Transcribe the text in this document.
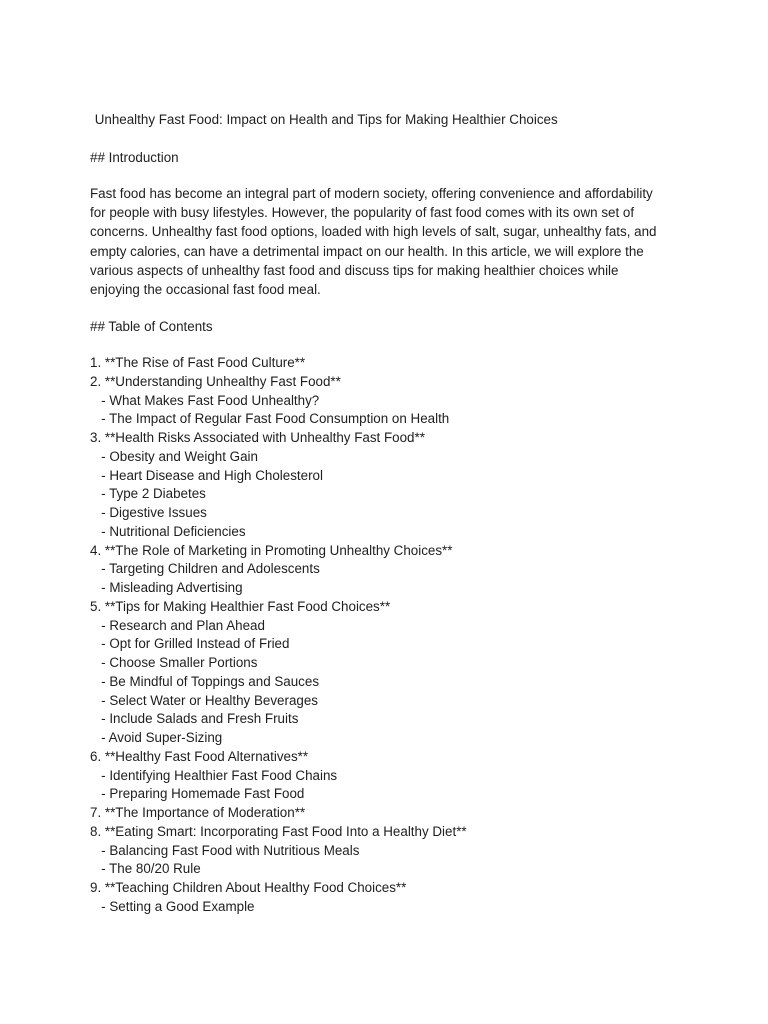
Unhealthy Fast Food: Impact on Health and Tips for Making Healthier Choices
## Introduction
Fast food has become an integral part of modern society, offering convenience and affordability
for people with busy lifestyles. However, the popularity of fast food comes with its own set of
concerns. Unhealthy fast food options, loaded with high levels of salt, sugar, unhealthy fats, and
empty calories, can have a detrimental impact on our health. In this article, we will explore the
various aspects of unhealthy fast food and discuss tips for making healthier choices while
enjoying the occasional fast food meal.
## Table of Contents
1. **The Rise of Fast Food Culture**
2. **Understanding Unhealthy Fast Food**
- What Makes Fast Food Unhealthy?
- The Impact of Regular Fast Food Consumption on Health
3. **Health Risks Associated with Unhealthy Fast Food**
- Obesity and Weight Gain
- Heart Disease and High Cholesterol
- Type 2 Diabetes
- Digestive Issues
- Nutritional Deficiencies
4. **The Role of Marketing in Promoting Unhealthy Choices**
- Targeting Children and Adolescents
- Misleading Advertising
5. **Tips for Making Healthier Fast Food Choices**
- Research and Plan Ahead
- Opt for Grilled Instead of Fried
- Choose Smaller Portions
- Be Mindful of Toppings and Sauces
- Select Water or Healthy Beverages
- Include Salads and Fresh Fruits
- Avoid Super-Sizing
6. **Healthy Fast Food Alternatives**
- Identifying Healthier Fast Food Chains
- Preparing Homemade Fast Food
7. **The Importance of Moderation**
8. **Eating Smart: Incorporating Fast Food Into a Healthy Diet**
- Balancing Fast Food with Nutritious Meals
- The 80/20 Rule
9. **Teaching Children About Healthy Food Choices**
- Setting a Good Example
